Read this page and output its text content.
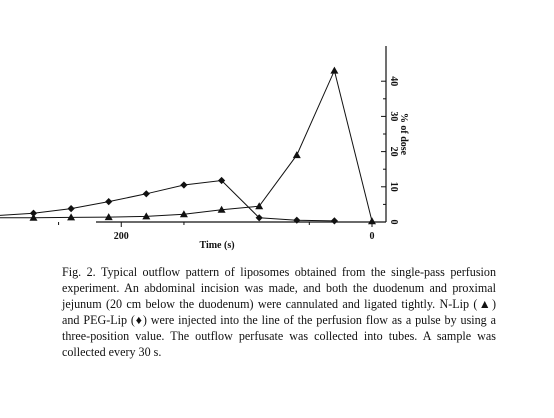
0
200
0
10
20
30
40
Time (s)
% of dose

Fig. 2. Typical outflow pattern of liposomes obtained from the single-pass perfusion experiment. An abdominal incision was made, and both the duodenum and proximal jejunum (20 cm below the duodenum) were cannulated and ligated tightly. N-Lip (▲) and PEG-Lip (♦) were injected into the line of the perfusion flow as a pulse by using a three-position value. The outflow perfusate was collected into tubes. A sample was collected every 30 s.
